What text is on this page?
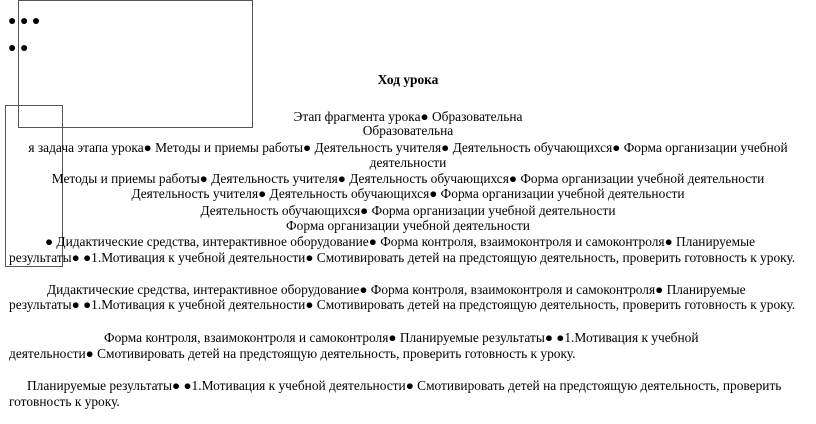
● ● ●
● ●
Ход урока
Этап фрагмента урока● Образовательна
Образовательна
я задача этапа урока● Методы и приемы работы● Деятельность учителя● Деятельность обучающихся● Форма организации учебной
деятельности
Методы и приемы работы● Деятельность учителя● Деятельность обучающихся● Форма организации учебной деятельности
Деятельность учителя● Деятельность обучающихся● Форма организации учебной деятельности
Деятельность обучающихся● Форма организации учебной деятельности
Форма организации учебной деятельности
● Дидактические средства, интерактивное оборудование● Форма контроля, взаимоконтроля и самоконтроля● Планируемые
результаты● ●1.Мотивация к учебной деятельности● Смотивировать детей на предстоящую деятельность, проверить готовность к уроку.
Дидактические средства, интерактивное оборудование● Форма контроля, взаимоконтроля и самоконтроля● Планируемые
результаты● ●1.Мотивация к учебной деятельности● Смотивировать детей на предстоящую деятельность, проверить готовность к уроку.
Форма контроля, взаимоконтроля и самоконтроля● Планируемые результаты● ●1.Мотивация к учебной
деятельности● Смотивировать детей на предстоящую деятельность, проверить готовность к уроку.
Планируемые результаты● ●1.Мотивация к учебной деятельности● Смотивировать детей на предстоящую деятельность, проверить
готовность к уроку.
